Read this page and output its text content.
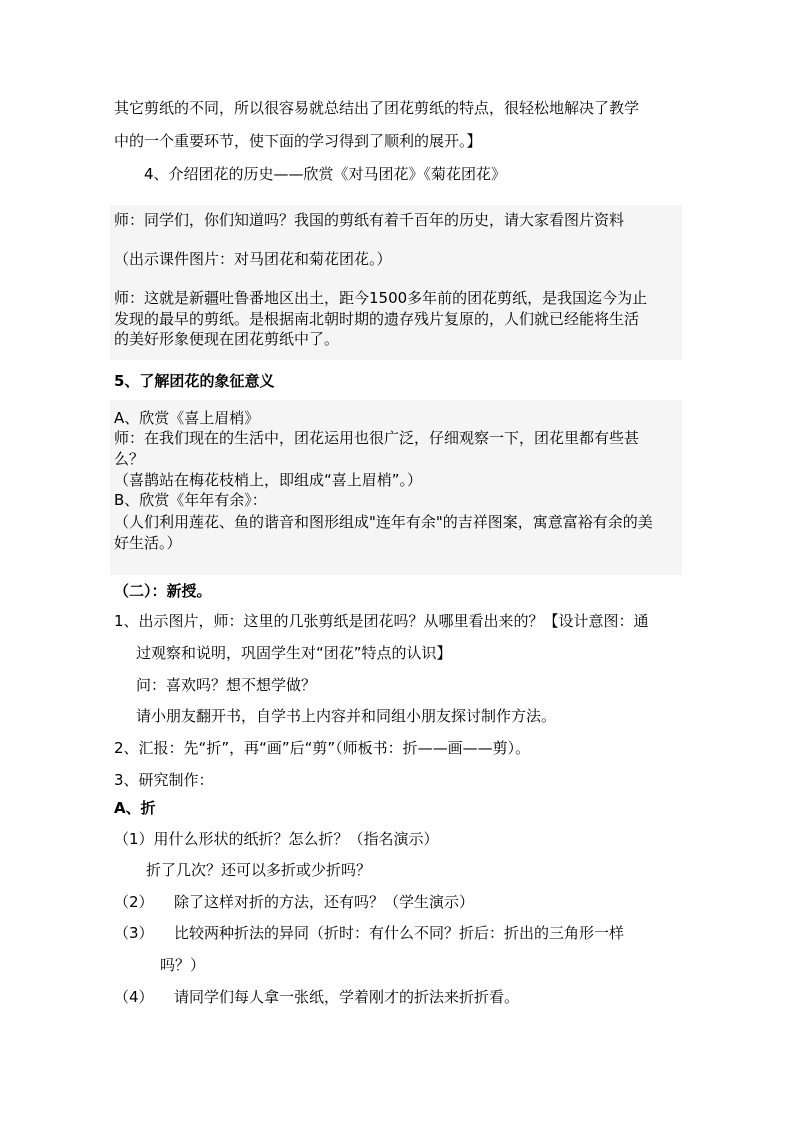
其它剪纸的不同，所以很容易就总结出了团花剪纸的特点，很轻松地解决了教学
中的一个重要环节，使下面的学习得到了顺利的展开。】
4、介绍团花的历史——欣赏《对马团花》《菊花团花》
师：同学们，你们知道吗？我国的剪纸有着千百年的历史，请大家看图片资料
（出示课件图片：对马团花和菊花团花。）
师：这就是新疆吐鲁番地区出土，距今1500多年前的团花剪纸，是我国迄今为止
发现的最早的剪纸。是根据南北朝时期的遗存残片复原的，人们就已经能将生活
的美好形象便现在团花剪纸中了。
5、了解团花的象征意义
A、欣赏《喜上眉梢》
师：在我们现在的生活中，团花运用也很广泛，仔细观察一下，团花里都有些甚
么？
（喜鹊站在梅花枝梢上，即组成“喜上眉梢”。）
B、欣赏《年年有余》：
（人们利用莲花、鱼的谐音和图形组成"连年有余"的吉祥图案，寓意富裕有余的美
好生活。）
（二）：新授。
1、出示图片，师：这里的几张剪纸是团花吗？从哪里看出来的？【设计意图：通
过观察和说明，巩固学生对“团花”特点的认识】
问：喜欢吗？想不想学做？
请小朋友翻开书，自学书上内容并和同组小朋友探讨制作方法。
2、汇报：先“折”，再“画”后“剪”（师板书：折——画——剪）。
3、研究制作：
A、折
（1）用什么形状的纸折？怎么折？（指名演示）
折了几次？还可以多折或少折吗？
（2） 除了这样对折的方法，还有吗？（学生演示）
（3） 比较两种折法的异同（折时：有什么不同？折后：折出的三角形一样
吗？）
（4） 请同学们每人拿一张纸，学着刚才的折法来折折看。
